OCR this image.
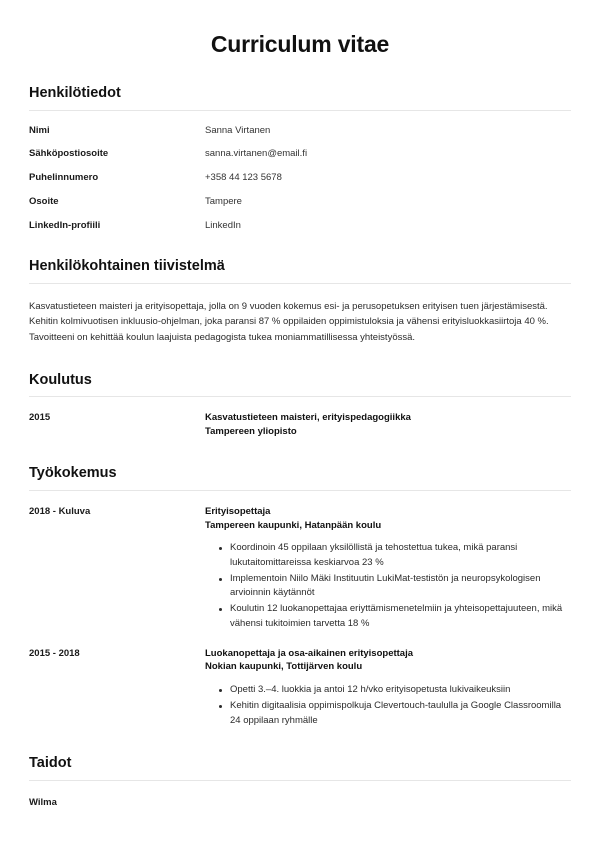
Curriculum vitae
Henkilötiedot
Nimi	Sanna Virtanen
Sähköpostiosoite	sanna.virtanen@email.fi
Puhelinnumero	+358 44 123 5678
Osoite	Tampere
LinkedIn-profiili	LinkedIn
Henkilökohtainen tiivistelmä

Kasvatustieteen maisteri ja erityisopettaja, jolla on 9 vuoden kokemus esi- ja perusopetuksen erityisen tuen järjestämisestä. Kehitin kolmivuotisen inkluusio-ohjelman, joka paransi 87 % oppilaiden oppimistuloksia ja vähensi erityisluokkasiirtoja 40 %. Tavoitteeni on kehittää koulun laajuista pedagogista tukea moniammatillisessa yhteistyössä.

Koulutus
2015	Kasvatustieteen maisteri, erityispedagogiikka
Tampereen yliopisto
Työkokemus
2018 - Kuluva	Erityisopettaja
Tampereen kaupunki, Hatanpään koulu
Koordinoin 45 oppilaan yksilöllistä ja tehostettua tukea, mikä paransi lukutaitomittareissa keskiarvoa 23 %
Implementoin Niilo Mäki Instituutin LukiMat-testistön ja neuropsykologisen arvioinnin käytännöt
Koulutin 12 luokanopettajaa eriyttämismenetelmiin ja yhteisopettajuuteen, mikä vähensi tukitoimien tarvetta 18 %
2015 - 2018	Luokanopettaja ja osa-aikainen erityisopettaja
Nokian kaupunki, Tottijärven koulu
Opetti 3.–4. luokkia ja antoi 12 h/vko erityisopetusta lukivaikeuksiin
Kehitin digitaalisia oppimispolkuja Clevertouch-taululla ja Google Classroomilla 24 oppilaan ryhmälle
Taidot
Wilma
